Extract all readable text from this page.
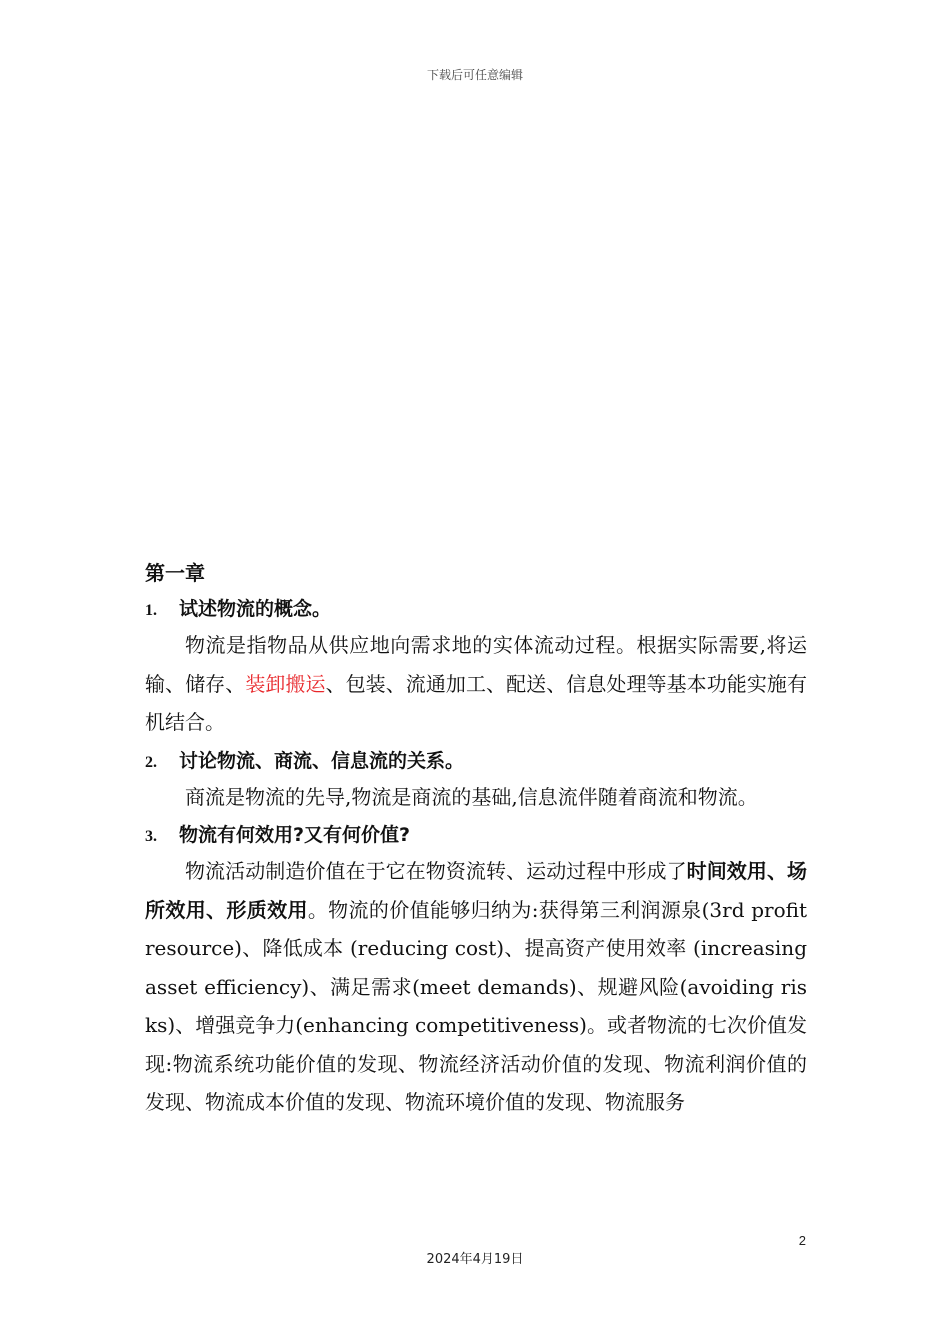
下载后可任意编辑
第一章
1. 试述物流的概念。

物流是指物品从供应地向需求地的实体流动过程。根据实际需要,将运输、储存、装卸搬运、包装、流通加工、配送、信息处理等基本功能实施有机结合。

2. 讨论物流、商流、信息流的关系。

商流是物流的先导,物流是商流的基础,信息流伴随着商流和物流。

3. 物流有何效用?又有何价值?

物流活动制造价值在于它在物资流转、运动过程中形成了时间效用、场所效用、形质效用。物流的价值能够归纳为:获得第三利润源泉(3rd profit resource)、降低成本 (reducing cost)、提高资产使用效率 (increasing asset efficiency)、满足需求(meet demands)、规避风险(avoiding risks)、增强竞争力(enhancing competitiveness)。或者物流的七次价值发现:物流系统功能价值的发现、物流经济活动价值的发现、物流利润价值的发现、物流成本价值的发现、物流环境价值的发现、物流服务

2
2024年4月19日
